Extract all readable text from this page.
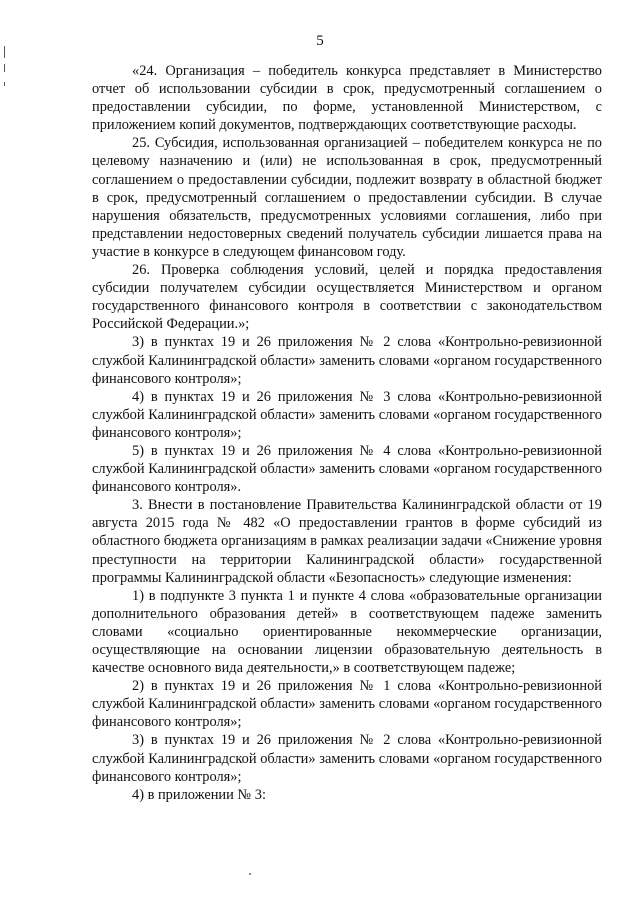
5

«24. Организация – победитель конкурса представляет в Министерство отчет об использовании субсидии в срок, предусмотренный соглашением о предоставлении субсидии, по форме, установленной Министерством, с приложением копий документов, подтверждающих соответствующие расходы.

25. Субсидия, использованная организацией – победителем конкурса не по целевому назначению и (или) не использованная в срок, предусмотренный соглашением о предоставлении субсидии, подлежит возврату в областной бюджет в срок, предусмотренный соглашением о предоставлении субсидии. В случае нарушения обязательств, предусмотренных условиями соглашения, либо при представлении недостоверных сведений получатель субсидии лишается права на участие в конкурсе в следующем финансовом году.

26. Проверка соблюдения условий, целей и порядка предоставления субсидии получателем субсидии осуществляется Министерством и органом государственного финансового контроля в соответствии с законодательством Российской Федерации.»;

3) в пунктах 19 и 26 приложения № 2 слова «Контрольно-ревизионной службой Калининградской области» заменить словами «органом государственного финансового контроля»;

4) в пунктах 19 и 26 приложения № 3 слова «Контрольно-ревизионной службой Калининградской области» заменить словами «органом государственного финансового контроля»;

5) в пунктах 19 и 26 приложения № 4 слова «Контрольно-ревизионной службой Калининградской области» заменить словами «органом государственного финансового контроля».

3. Внести в постановление Правительства Калининградской области от 19 августа 2015 года № 482 «О предоставлении грантов в форме субсидий из областного бюджета организациям в рамках реализации задачи «Снижение уровня преступности на территории Калининградской области» государственной программы Калининградской области «Безопасность» следующие изменения:

1) в подпункте 3 пункта 1 и пункте 4 слова «образовательные организации дополнительного образования детей» в соответствующем падеже заменить словами «социально ориентированные некоммерческие организации, осуществляющие на основании лицензии образовательную деятельность в качестве основного вида деятельности,» в соответствующем падеже;

2) в пунктах 19 и 26 приложения № 1 слова «Контрольно-ревизионной службой Калининградской области» заменить словами «органом государственного финансового контроля»;

3) в пунктах 19 и 26 приложения № 2 слова «Контрольно-ревизионной службой Калининградской области» заменить словами «органом государственного финансового контроля»;

4) в приложении № 3:
